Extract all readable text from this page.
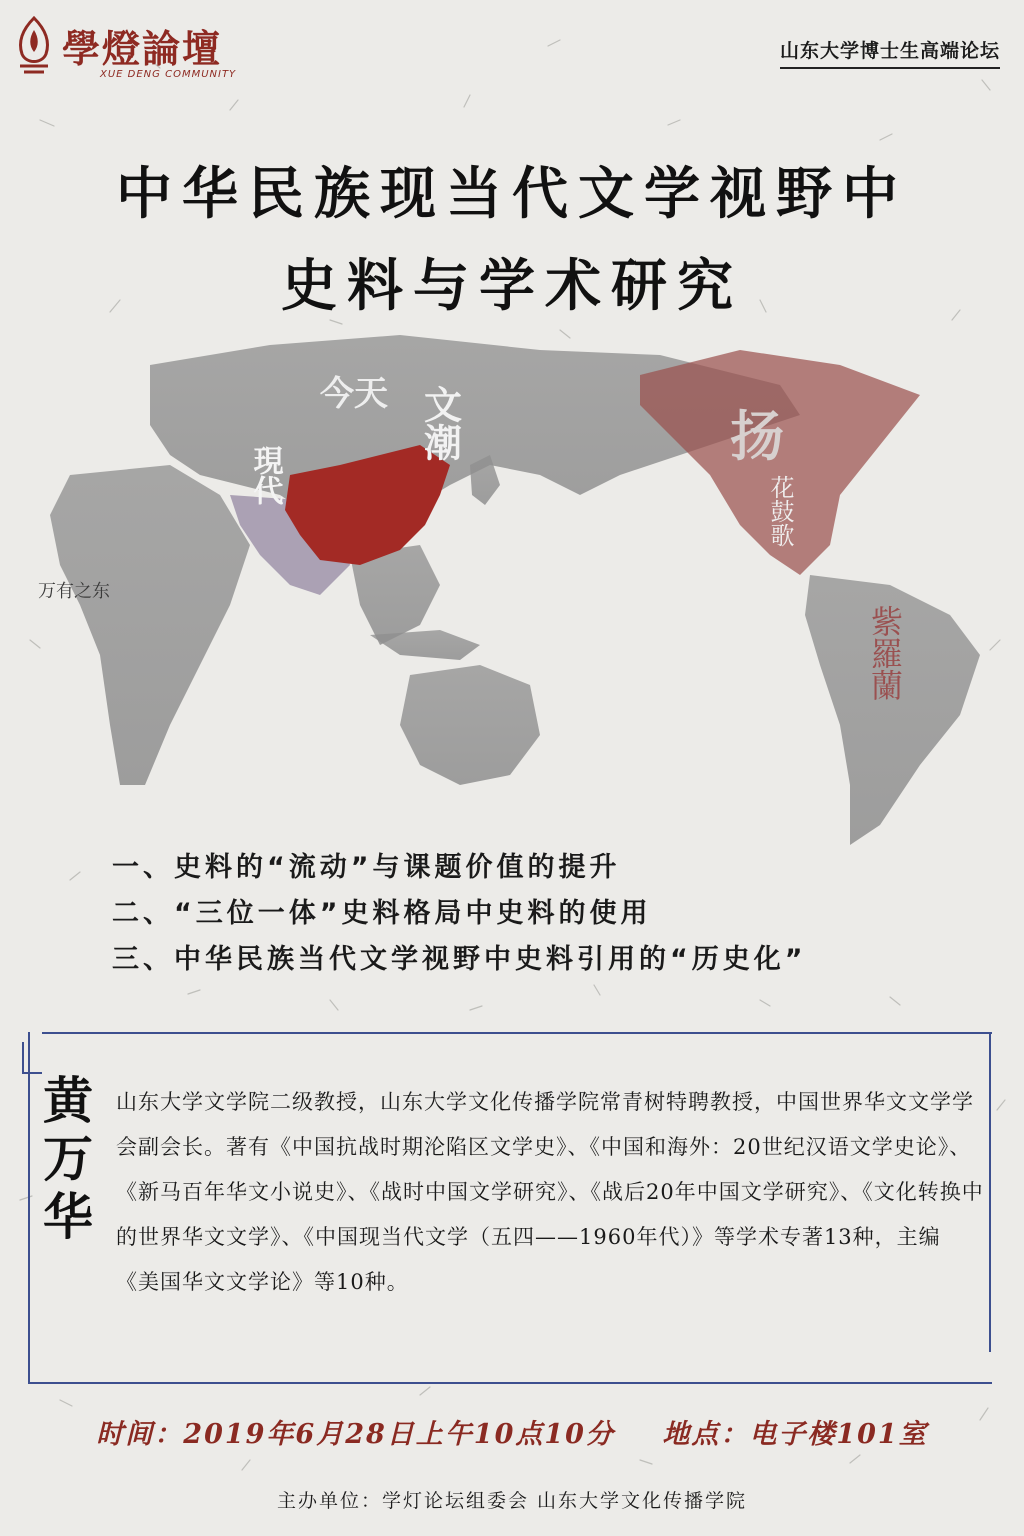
學燈論壇
XUE DENG COMMUNITY
山东大学博士生高端论坛
中华民族现当代文学视野中
史料与学术研究
今天
現代
文潮
万有之东
扬
花鼓歌
紫羅蘭
一、史料的“流动”与课题价值的提升
二、“三位一体”史料格局中史料的使用
三、中华民族当代文学视野中史料引用的“历史化”
黄
万
华
山东大学文学院二级教授，山东大学文化传播学院常青树特聘教授，中国世界华文文学学会副会长。著有《中国抗战时期沦陷区文学史》、《中国和海外：20世纪汉语文学史论》、《新马百年华文小说史》、《战时中国文学研究》、《战后20年中国文学研究》、《文化转换中的世界华文文学》、《中国现当代文学（五四——1960年代）》等学术专著13种，主编《美国华文文学论》等10种。
时间：2019年6月28日上午10点10分 地点：电子楼101室
主办单位：学灯论坛组委会 山东大学文化传播学院
